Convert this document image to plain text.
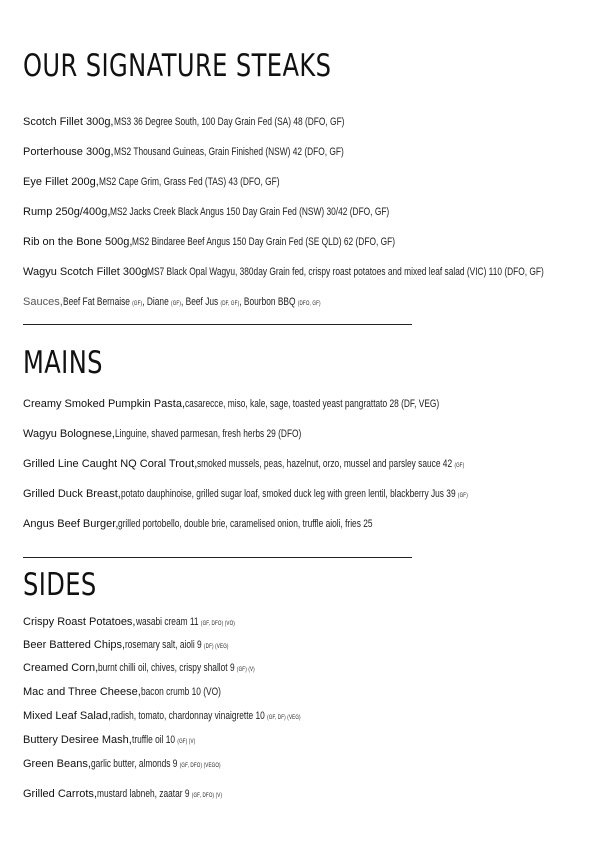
OUR SIGNATURE STEAKS
Scotch Fillet 300g,MS3 36 Degree South, 100 Day Grain Fed (SA) 48 (DFO, GF)
Porterhouse 300g,MS2 Thousand Guineas, Grain Finished (NSW) 42 (DFO, GF)
Eye Fillet 200g,MS2 Cape Grim, Grass Fed (TAS) 43 (DFO, GF)
Rump 250g/400g,MS2 Jacks Creek Black Angus 150 Day Grain Fed (NSW) 30/42 (DFO, GF)
Rib on the Bone 500g,MS2 Bindaree Beef Angus 150 Day Grain Fed (SE QLD) 62 (DFO, GF)
Wagyu Scotch Fillet 300gMS7 Black Opal Wagyu, 380day Grain fed, crispy roast potatoes and mixed leaf salad (VIC) 110 (DFO, GF)
Sauces,Beef Fat Bernaise (GF), Diane (GF), Beef Jus (DF, GF), Bourbon BBQ (DFO, GF)
MAINS
Creamy Smoked Pumpkin Pasta,casarecce, miso, kale, sage, toasted yeast pangrattato 28 (DF, VEG)
Wagyu Bolognese,Linguine, shaved parmesan, fresh herbs 29 (DFO)
Grilled Line Caught NQ Coral Trout,smoked mussels, peas, hazelnut, orzo, mussel and parsley sauce 42 (GF)
Grilled Duck Breast,potato dauphinoise, grilled sugar loaf, smoked duck leg with green lentil, blackberry Jus 39 (GF)
Angus Beef Burger,grilled portobello, double brie, caramelised onion, truffle aioli, fries 25
SIDES
Crispy Roast Potatoes,wasabi cream 11 (GF, DFO) (VO)
Beer Battered Chips,rosemary salt, aioli 9 (DF) (VEG)
Creamed Corn,burnt chilli oil, chives, crispy shallot 9 (GF) (V)
Mac and Three Cheese,bacon crumb 10 (VO)
Mixed Leaf Salad,radish, tomato, chardonnay vinaigrette 10 (GF, DF) (VEG)
Buttery Desiree Mash,truffle oil 10 (GF) (V)
Green Beans,garlic butter, almonds 9 (GF, DFO) (VEGO)
Grilled Carrots,mustard labneh, zaatar 9 (GF, DFO) (V)
